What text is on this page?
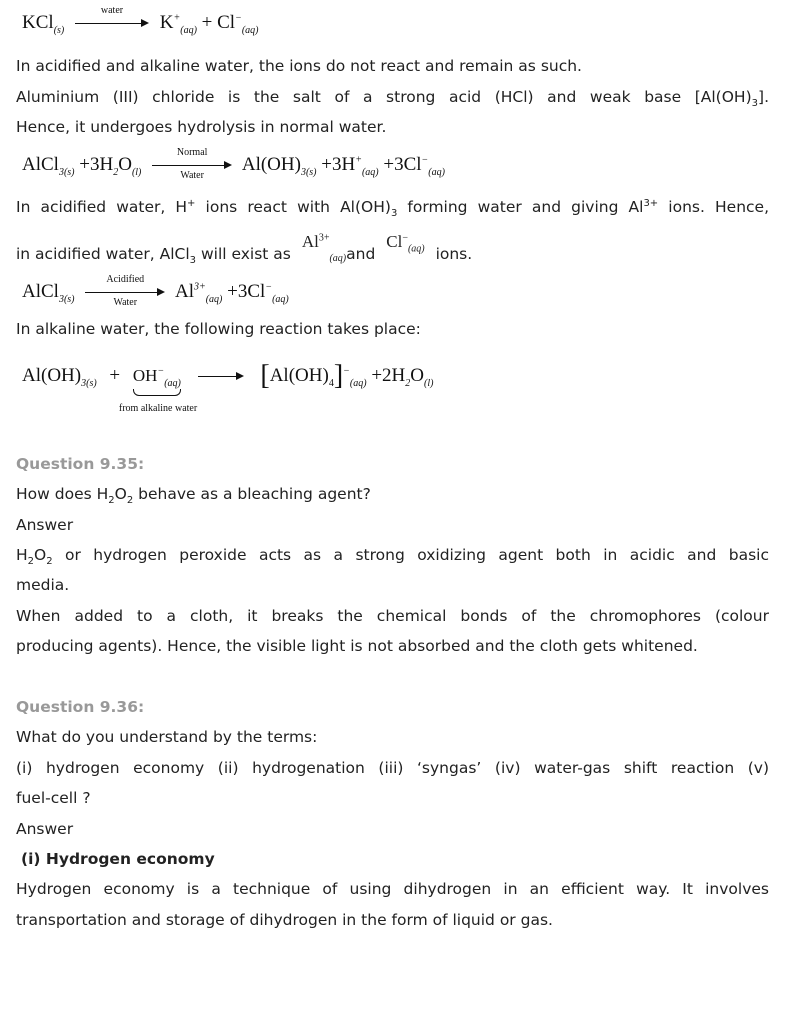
KCl$_{(s)}$
water
$K^+_{(aq)} + Cl^-_{(aq)}$
In acidified and alkaline water, the ions do not react and remain as such.
Aluminium (III) chloride is the salt of a strong acid (HCl) and weak base $[Al(OH)_3]$.
Hence, it undergoes hydrolysis in normal water.
AlCl$_{3(s)}$ $+3H_2O_{(l)}$
Normal
Water
$Al(OH)_{3(s)} +3H^+_{(aq)} +3Cl^-_{(aq)}$
In acidified water, H+ ions react with $Al(OH)_3$ forming water and giving $Al^{3+}$ ions. Hence,
in acidified water, AlCl$_3$ will exist as $Al^{3+}_{(aq)}and$ $Cl^-_{(aq)}$ ions.
AlCl$_{3(s)}$
Acidified
Water
$Al^{3+}_{(aq)} +3Cl^-_{(aq)}$
In alkaline water, the following reaction takes place:
$Al(OH)_{3(s)} + OH^-_{(aq)}$
from alkaline water

$[Al(OH)_4]^-_{(aq)} +2H_2O_{(l)}$
Question 9.35:
How does $H_2O_2$ behave as a bleaching agent?
Answer
$H_2O_2$ or hydrogen peroxide acts as a strong oxidizing agent both in acidic and basic
media.
When added to a cloth, it breaks the chemical bonds of the chromophores (colour
producing agents). Hence, the visible light is not absorbed and the cloth gets whitened.
Question 9.36:
What do you understand by the terms:
(i) hydrogen economy (ii) hydrogenation (iii) ‘syngas’ (iv) water-gas shift reaction (v)
fuel-cell ?
Answer
(i) Hydrogen economy
Hydrogen economy is a technique of using dihydrogen in an efficient way. It involves
transportation and storage of dihydrogen in the form of liquid or gas.
